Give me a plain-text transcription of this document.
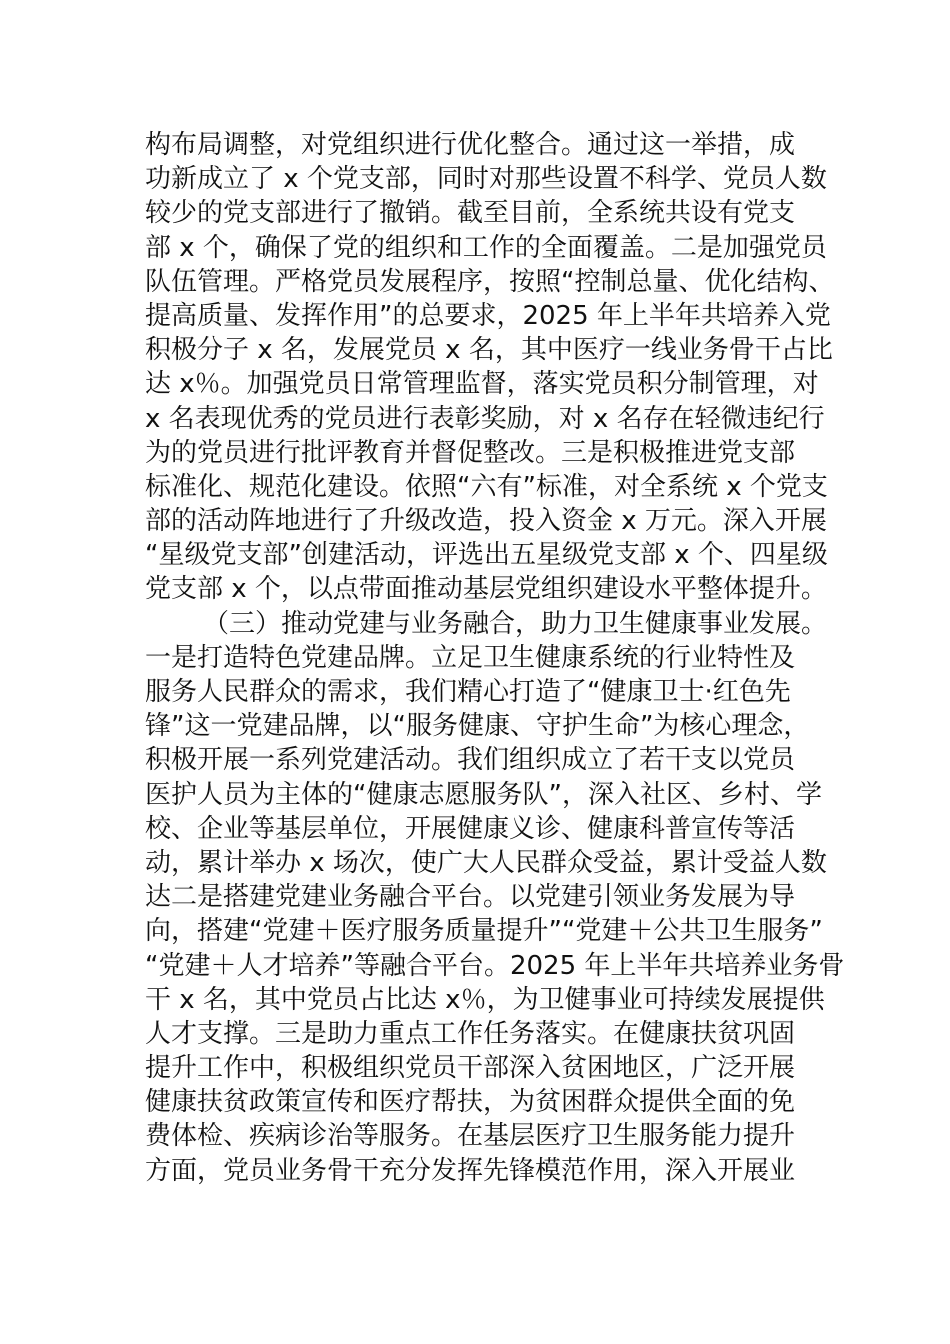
构布局调整，对党组织进行优化整合。通过这一举措，成
功新成立了 x 个党支部，同时对那些设置不科学、党员人数
较少的党支部进行了撤销。截至目前，全系统共设有党支
部 x 个，确保了党的组织和工作的全面覆盖。二是加强党员
队伍管理。严格党员发展程序，按照“控制总量、优化结构、
提高质量、发挥作用”的总要求，2025 年上半年共培养入党
积极分子 x 名，发展党员 x 名，其中医疗一线业务骨干占比
达 x％。加强党员日常管理监督，落实党员积分制管理，对
x 名表现优秀的党员进行表彰奖励，对 x 名存在轻微违纪行
为的党员进行批评教育并督促整改。三是积极推进党支部
标准化、规范化建设。依照“六有”标准，对全系统 x 个党支
部的活动阵地进行了升级改造，投入资金 x 万元。深入开展
“星级党支部”创建活动，评选出五星级党支部 x 个、四星级
党支部 x 个，以点带面推动基层党组织建设水平整体提升。
（三）推动党建与业务融合，助力卫生健康事业发展。
一是打造特色党建品牌。立足卫生健康系统的行业特性及
服务人民群众的需求，我们精心打造了“健康卫士·红色先
锋”这一党建品牌，以“服务健康、守护生命”为核心理念，
积极开展一系列党建活动。我们组织成立了若干支以党员
医护人员为主体的“健康志愿服务队”，深入社区、乡村、学
校、企业等基层单位，开展健康义诊、健康科普宣传等活
动，累计举办 x 场次，使广大人民群众受益，累计受益人数
达二是搭建党建业务融合平台。以党建引领业务发展为导
向，搭建“党建＋医疗服务质量提升”“党建＋公共卫生服务”
“党建＋人才培养”等融合平台。2025 年上半年共培养业务骨
干 x 名，其中党员占比达 x％，为卫健事业可持续发展提供
人才支撑。三是助力重点工作任务落实。在健康扶贫巩固
提升工作中，积极组织党员干部深入贫困地区，广泛开展
健康扶贫政策宣传和医疗帮扶，为贫困群众提供全面的免
费体检、疾病诊治等服务。在基层医疗卫生服务能力提升
方面，党员业务骨干充分发挥先锋模范作用，深入开展业
